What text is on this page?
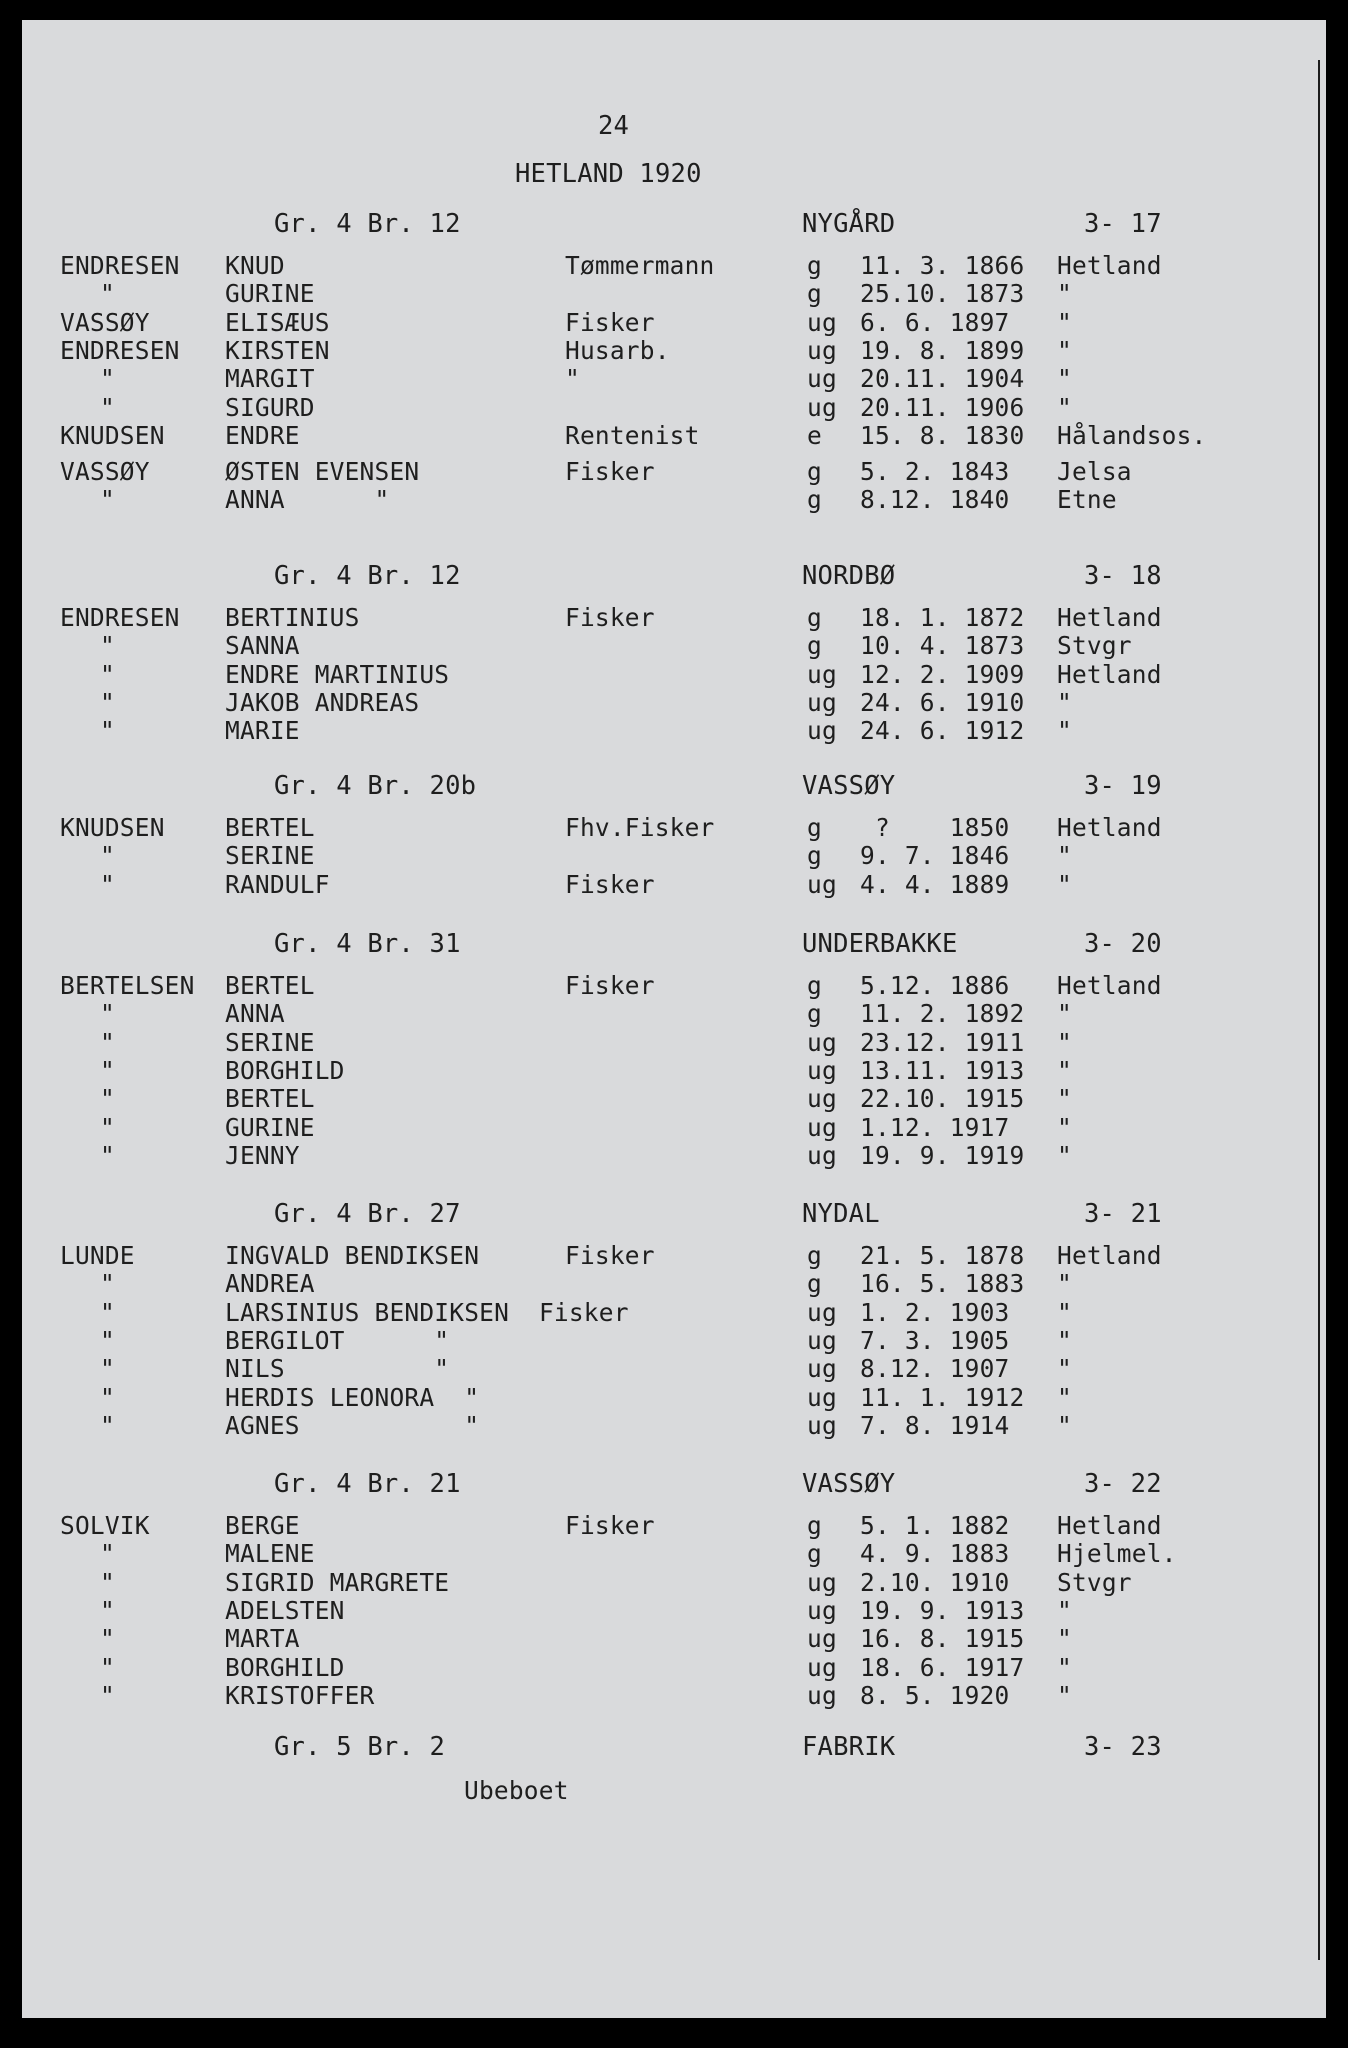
24
HETLAND 1920
Gr. 4 Br. 12	NYGÅRD	3- 17
ENDRESEN KNUD	Tømmermann	g 11. 3. 1866 Hetland
"	GURINE	g 25.10. 1873 "
VASSØY	ELISÆUS	Fisker	ug 6. 6. 1897 "
ENDRESEN KIRSTEN	Husarb.	ug 19. 8. 1899 "
"	MARGIT	"	ug 20.11. 1904 "
"	SIGURD	ug 20.11. 1906 "
KNUDSEN ENDRE	Rentenist	e 15. 8. 1830 Hålandsos.
VASSØY	ØSTEN EVENSEN	Fisker	g 5. 2. 1843 Jelsa
"	ANNA      "	g 8.12. 1840 Etne
Gr. 4 Br. 12	NORDBØ	3- 18
ENDRESEN BERTINIUS	Fisker	g 18. 1. 1872 Hetland
"	SANNA	g 10. 4. 1873 Stvgr
"	ENDRE MARTINIUS	ug 12. 2. 1909 Hetland
"	JAKOB ANDREAS	ug 24. 6. 1910 "
"	MARIE	ug 24. 6. 1912 "
Gr. 4 Br. 20b	VASSØY	3- 19
KNUDSEN BERTEL	Fhv.Fisker	g ?    1850 Hetland
"	SERINE	g 9. 7. 1846 "
"	RANDULF	Fisker	ug 4. 4. 1889 "
Gr. 4 Br. 31	UNDERBAKKE	3- 20
BERTELSEN BERTEL	Fisker	g 5.12. 1886 Hetland
"	ANNA	g 11. 2. 1892 "
"	SERINE	ug 23.12. 1911 "
"	BORGHILD	ug 13.11. 1913 "
"	BERTEL	ug 22.10. 1915 "
"	GURINE	ug 1.12. 1917 "
"	JENNY	ug 19. 9. 1919 "
Gr. 4 Br. 27	NYDAL	3- 21
LUNDE	INGVALD BENDIKSEN	Fisker	g 21. 5. 1878 Hetland
"	ANDREA	g 16. 5. 1883 "
"	LARSINIUS BENDIKSEN  Fisker	ug 1. 2. 1903 "
"	BERGILOT      "	ug 7. 3. 1905 "
"	NILS          "	ug 8.12. 1907 "
"	HERDIS LEONORA  "	ug 11. 1. 1912 "
"	AGNES           "	ug 7. 8. 1914 "
Gr. 4 Br. 21	VASSØY	3- 22
SOLVIK	BERGE	Fisker	g 5. 1. 1882 Hetland
"	MALENE	g 4. 9. 1883 Hjelmel.
"	SIGRID MARGRETE	ug 2.10. 1910 Stvgr
"	ADELSTEN	ug 19. 9. 1913 "
"	MARTA	ug 16. 8. 1915 "
"	BORGHILD	ug 18. 6. 1917 "
"	KRISTOFFER	ug 8. 5. 1920 "
Gr. 5 Br. 2	FABRIK	3- 23
Ubeboet
